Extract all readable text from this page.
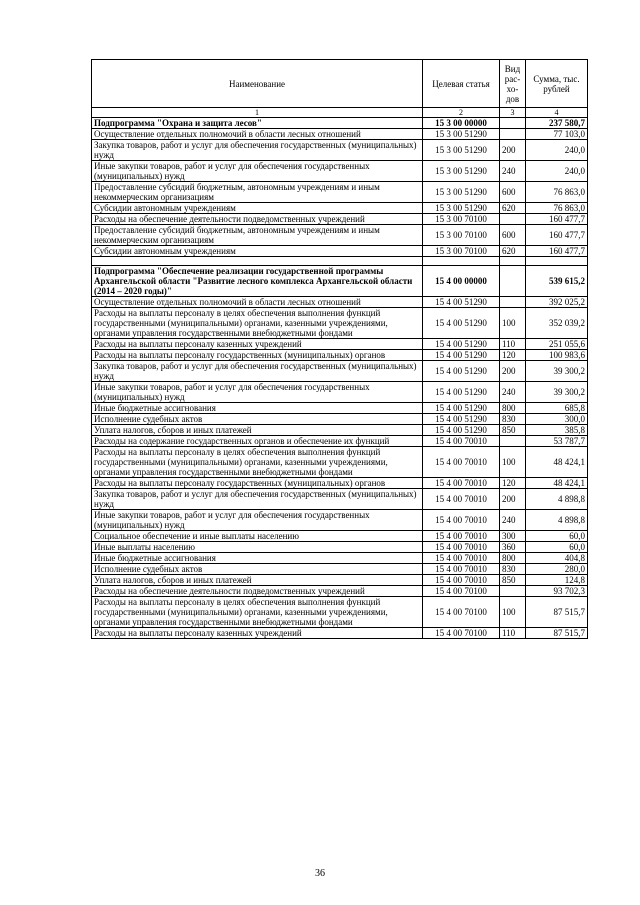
Наименование	Целевая статья	Вид рас-хо-дов	Сумма, тыс. рублей
1	2	3	4
Подпрограмма "Охрана и защита лесов"	15 3 00 00000		237 580,7
Осуществление отдельных полномочий в области лесных отношений	15 3 00 51290		77 103,0
Закупка товаров, работ и услуг для обеспечения государственных (муниципальных) нужд	15 3 00 51290	200	240,0
Иные закупки товаров, работ и услуг для обеспечения государственных (муниципальных) нужд	15 3 00 51290	240	240,0
Предоставление субсидий бюджетным, автономным учреждениям и иным некоммерческим организациям	15 3 00 51290	600	76 863,0
Субсидии автономным учреждениям	15 3 00 51290	620	76 863,0
Расходы на обеспечение деятельности подведомственных учреждений	15 3 00 70100		160 477,7
Предоставление субсидий бюджетным, автономным учреждениям и иным некоммерческим организациям	15 3 00 70100	600	160 477,7
Субсидии автономным учреждениям	15 3 00 70100	620	160 477,7

Подпрограмма "Обеспечение реализации государственной программы Архангельской области "Развитие лесного комплекса Архангельской области (2014 – 2020 годы)"	15 4 00 00000		539 615,2
Осуществление отдельных полномочий в области лесных отношений	15 4 00 51290		392 025,2
Расходы на выплаты персоналу в целях обеспечения выполнения функций государственными (муниципальными) органами, казенными учреждениями, органами управления государственными внебюджетными фондами	15 4 00 51290	100	352 039,2
Расходы на выплаты персоналу казенных учреждений	15 4 00 51290	110	251 055,6
Расходы на выплаты персоналу государственных (муниципальных) органов	15 4 00 51290	120	100 983,6
Закупка товаров, работ и услуг для обеспечения государственных (муниципальных) нужд	15 4 00 51290	200	39 300,2
Иные закупки товаров, работ и услуг для обеспечения государственных (муниципальных) нужд	15 4 00 51290	240	39 300,2
Иные бюджетные ассигнования	15 4 00 51290	800	685,8
Исполнение судебных актов	15 4 00 51290	830	300,0
Уплата налогов, сборов и иных платежей	15 4 00 51290	850	385,8
Расходы на содержание государственных органов и обеспечение их функций	15 4 00 70010		53 787,7
Расходы на выплаты персоналу в целях обеспечения выполнения функций государственными (муниципальными) органами, казенными учреждениями, органами управления государственными внебюджетными фондами	15 4 00 70010	100	48 424,1
Расходы на выплаты персоналу государственных (муниципальных) органов	15 4 00 70010	120	48 424,1
Закупка товаров, работ и услуг для обеспечения государственных (муниципальных) нужд	15 4 00 70010	200	4 898,8
Иные закупки товаров, работ и услуг для обеспечения государственных (муниципальных) нужд	15 4 00 70010	240	4 898,8
Социальное обеспечение и иные выплаты населению	15 4 00 70010	300	60,0
Иные выплаты населению	15 4 00 70010	360	60,0
Иные бюджетные ассигнования	15 4 00 70010	800	404,8
Исполнение судебных актов	15 4 00 70010	830	280,0
Уплата налогов, сборов и иных платежей	15 4 00 70010	850	124,8
Расходы на обеспечение деятельности подведомственных учреждений	15 4 00 70100		93 702,3
Расходы на выплаты персоналу в целях обеспечения выполнения функций государственными (муниципальными) органами, казенными учреждениями, органами управления государственными внебюджетными фондами	15 4 00 70100	100	87 515,7
Расходы на выплаты персоналу казенных учреждений	15 4 00 70100	110	87 515,7
36
